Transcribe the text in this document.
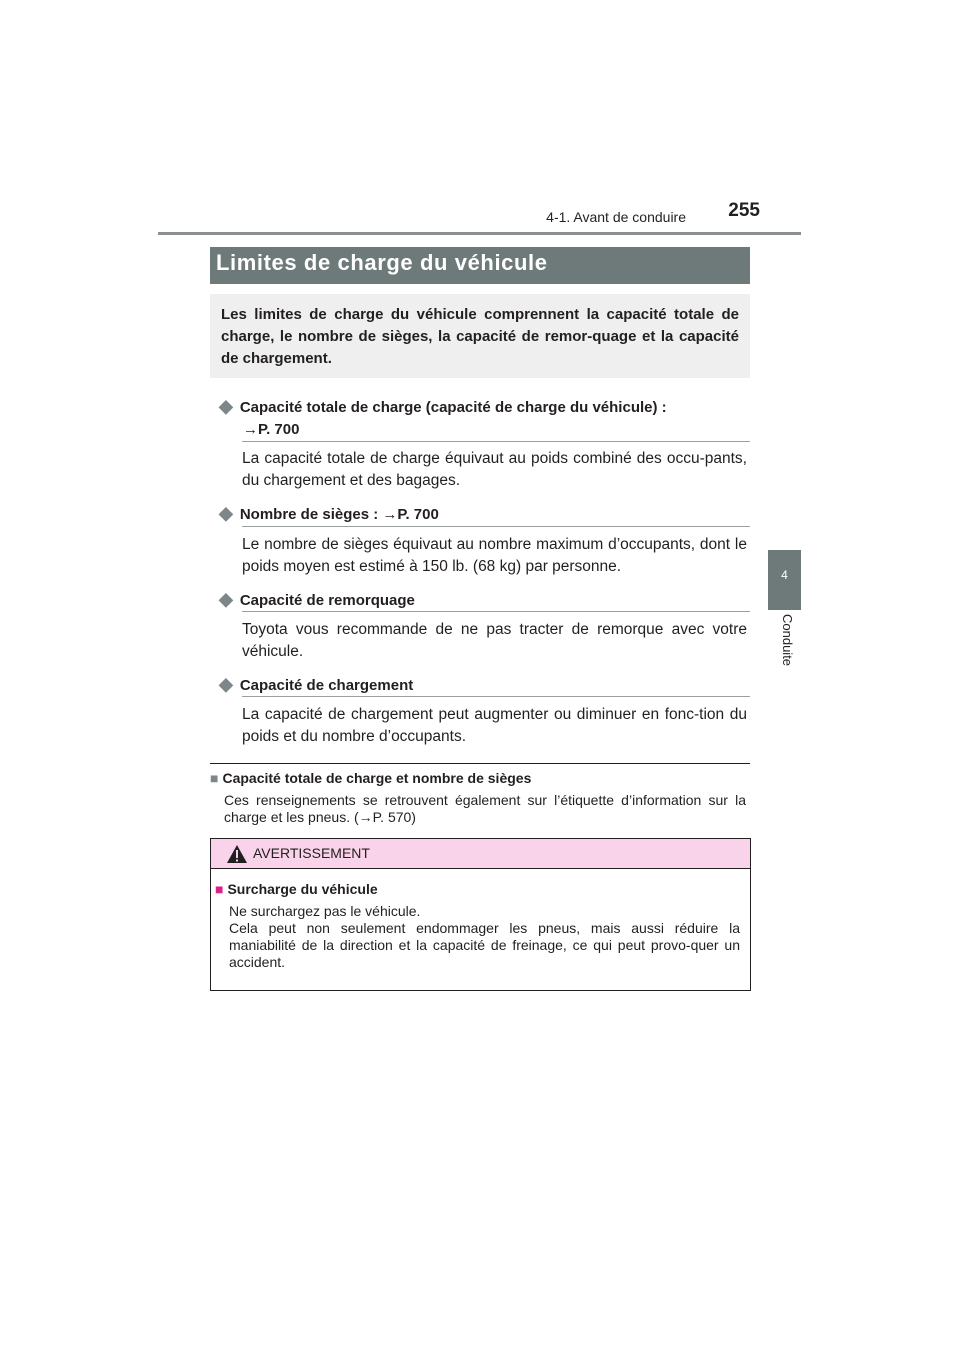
4-1. Avant de conduire	255
4
Conduite
Limites de charge du véhicule
Les limites de charge du véhicule comprennent la capacité totale de charge, le nombre de sièges, la capacité de remor-quage et la capacité de chargement.
◆ Capacité totale de charge (capacité de charge du véhicule) :
→P. 700
La capacité totale de charge équivaut au poids combiné des occu-pants, du chargement et des bagages.
◆ Nombre de sièges : →P. 700
Le nombre de sièges équivaut au nombre maximum d’occupants, dont le poids moyen est estimé à 150 lb. (68 kg) par personne.
◆ Capacité de remorquage
Toyota vous recommande de ne pas tracter de remorque avec votre véhicule.
◆ Capacité de chargement
La capacité de chargement peut augmenter ou diminuer en fonc-tion du poids et du nombre d’occupants.
■ Capacité totale de charge et nombre de sièges
Ces renseignements se retrouvent également sur l’étiquette d’information sur la charge et les pneus. (→P. 570)
AVERTISSEMENT
■ Surcharge du véhicule

Ne surchargez pas le véhicule.

Cela peut non seulement endommager les pneus, mais aussi réduire la maniabilité de la direction et la capacité de freinage, ce qui peut provo-quer un accident.
